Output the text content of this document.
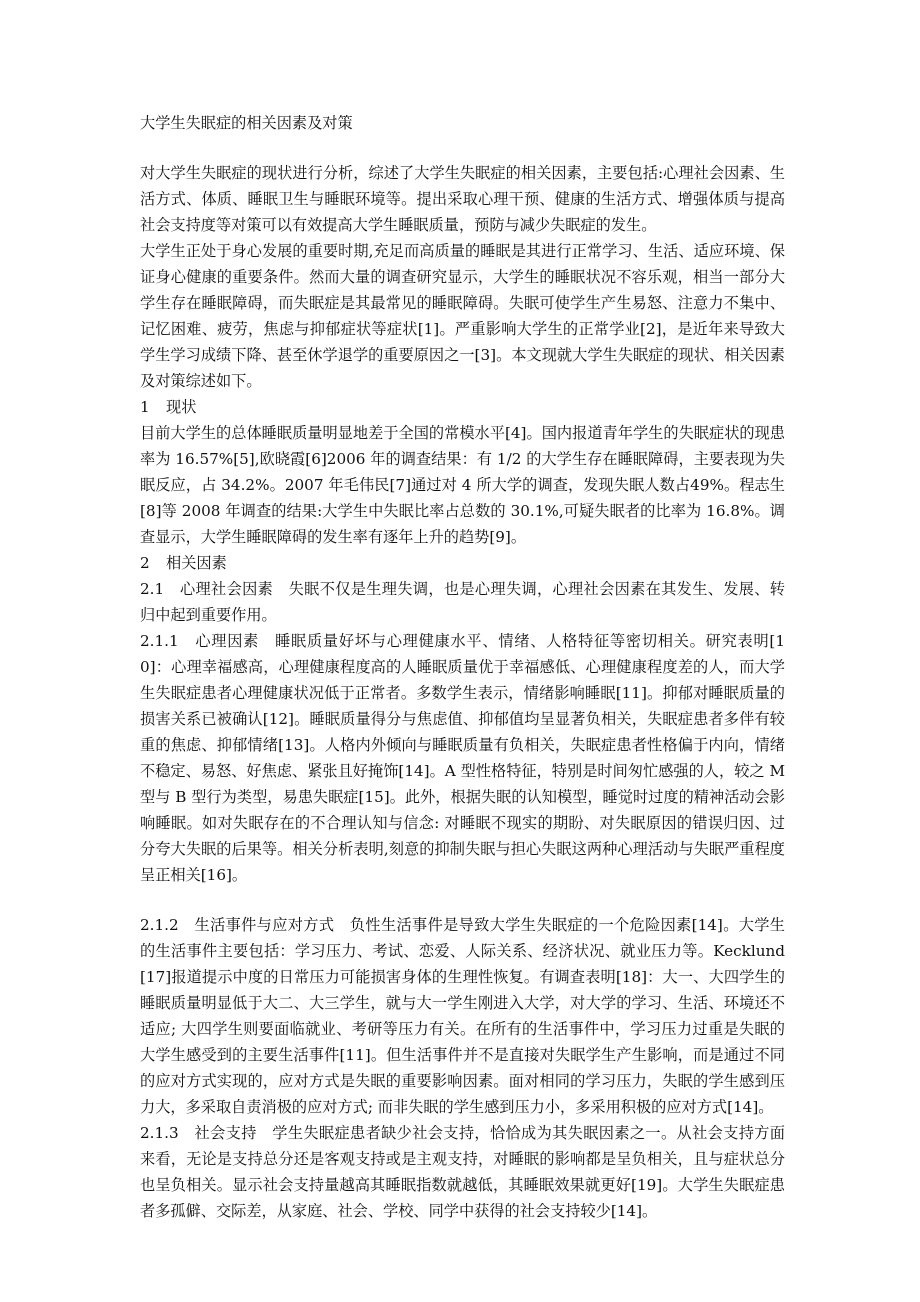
大学生失眠症的相关因素及对策

对大学生失眠症的现状进行分析，综述了大学生失眠症的相关因素，主要包括:心理社会因素、生活方式、体质、睡眠卫生与睡眠环境等。提出采取心理干预、健康的生活方式、增强体质与提高社会支持度等对策可以有效提高大学生睡眠质量，预防与减少失眠症的发生。

大学生正处于身心发展的重要时期,充足而高质量的睡眠是其进行正常学习、生活、适应环境、保证身心健康的重要条件。然而大量的调查研究显示，大学生的睡眠状况不容乐观，相当一部分大学生存在睡眠障碍，而失眠症是其最常见的睡眠障碍。失眠可使学生产生易怒、注意力不集中、记忆困难、疲劳，焦虑与抑郁症状等症状[1]。严重影响大学生的正常学业[2]，是近年来导致大学生学习成绩下降、甚至休学退学的重要原因之一[3]。本文现就大学生失眠症的现状、相关因素及对策综述如下。

1 现状

目前大学生的总体睡眠质量明显地差于全国的常模水平[4]。国内报道青年学生的失眠症状的现患率为 16.57%[5],欧晓霞[6]2006 年的调查结果：有 1/2 的大学生存在睡眠障碍，主要表现为失眠反应，占 34.2%。2007 年毛伟民[7]通过对 4 所大学的调查，发现失眠人数占49%。程志生[8]等 2008 年调查的结果:大学生中失眠比率占总数的 30.1%,可疑失眠者的比率为 16.8%。调查显示，大学生睡眠障碍的发生率有逐年上升的趋势[9]。

2 相关因素

2.1　心理社会因素　失眠不仅是生理失调，也是心理失调，心理社会因素在其发生、发展、转归中起到重要作用。

2.1.1　心理因素　睡眠质量好坏与心理健康水平、情绪、人格特征等密切相关。研究表明[10]：心理幸福感高，心理健康程度高的人睡眠质量优于幸福感低、心理健康程度差的人，而大学生失眠症患者心理健康状况低于正常者。多数学生表示，情绪影响睡眠[11]。抑郁对睡眠质量的损害关系已被确认[12]。睡眠质量得分与焦虑值、抑郁值均呈显著负相关，失眠症患者多伴有较重的焦虑、抑郁情绪[13]。人格内外倾向与睡眠质量有负相关，失眠症患者性格偏于内向，情绪不稳定、易怒、好焦虑、紧张且好掩饰[14]。A 型性格特征，特别是时间匆忙感强的人，较之 M 型与 B 型行为类型，易患失眠症[15]。此外，根据失眠的认知模型，睡觉时过度的精神活动会影响睡眠。如对失眠存在的不合理认知与信念: 对睡眠不现实的期盼、对失眠原因的错误归因、过分夸大失眠的后果等。相关分析表明,刻意的抑制失眠与担心失眠这两种心理活动与失眠严重程度呈正相关[16]。

2.1.2　生活事件与应对方式　负性生活事件是导致大学生失眠症的一个危险因素[14]。大学生的生活事件主要包括：学习压力、考试、恋爱、人际关系、经济状况、就业压力等。Kecklund[17]报道提示中度的日常压力可能损害身体的生理性恢复。有调查表明[18]：大一、大四学生的睡眠质量明显低于大二、大三学生，就与大一学生刚进入大学，对大学的学习、生活、环境还不适应; 大四学生则要面临就业、考研等压力有关。在所有的生活事件中，学习压力过重是失眠的大学生感受到的主要生活事件[11]。但生活事件并不是直接对失眠学生产生影响，而是通过不同的应对方式实现的，应对方式是失眠的重要影响因素。面对相同的学习压力，失眠的学生感到压力大，多采取自责消极的应对方式; 而非失眠的学生感到压力小，多采用积极的应对方式[14]。

2.1.3　社会支持　学生失眠症患者缺少社会支持，恰恰成为其失眠因素之一。从社会支持方面来看，无论是支持总分还是客观支持或是主观支持，对睡眠的影响都是呈负相关，且与症状总分也呈负相关。显示社会支持量越高其睡眠指数就越低，其睡眠效果就更好[19]。大学生失眠症患者多孤僻、交际差，从家庭、社会、学校、同学中获得的社会支持较少[14]。
